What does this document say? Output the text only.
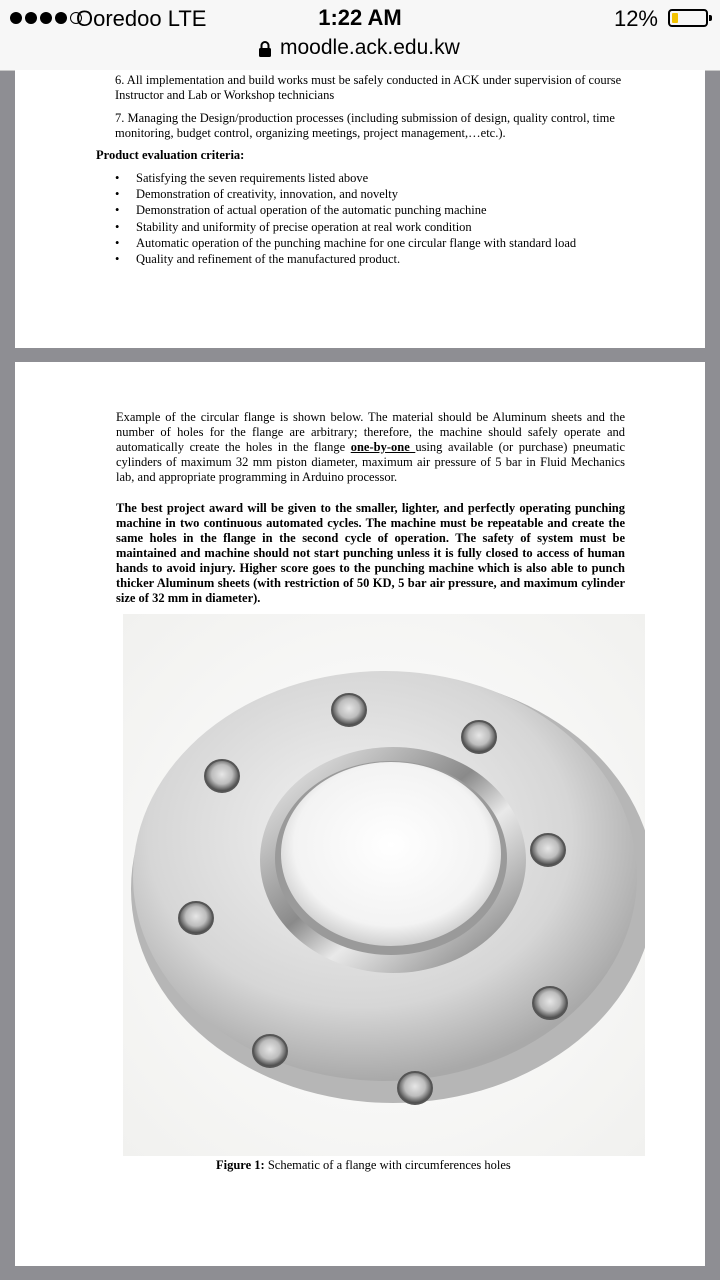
Ooredoo LTE	1:22 AM	12%
moodle.ack.edu.kw

6. All implementation and build works must be safely conducted in ACK under supervision of course Instructor and Lab or Workshop technicians

7. Managing the Design/production processes (including submission of design, quality control, time monitoring, budget control, organizing meetings, project management,…etc.).

Product evaluation criteria:

• Satisfying the seven requirements listed above
• Demonstration of creativity, innovation, and novelty
• Demonstration of actual operation of the automatic punching machine
• Stability and uniformity of precise operation at real work condition
• Automatic operation of the punching machine for one circular flange with standard load
• Quality and refinement of the manufactured product.

Example of the circular flange is shown below. The material should be Aluminum sheets and the number of holes for the flange are arbitrary; therefore, the machine should safely operate and automatically create the holes in the flange one-by-one using available (or purchase) pneumatic cylinders of maximum 32 mm piston diameter, maximum air pressure of 5 bar in Fluid Mechanics lab, and appropriate programming in Arduino processor.

The best project award will be given to the smaller, lighter, and perfectly operating punching machine in two continuous automated cycles. The machine must be repeatable and create the same holes in the flange in the second cycle of operation. The safety of system must be maintained and machine should not start punching unless it is fully closed to access of human hands to avoid injury. Higher score goes to the punching machine which is also able to punch thicker Aluminum sheets (with restriction of 50 KD, 5 bar air pressure, and maximum cylinder size of 32 mm in diameter).

Figure 1: Schematic of a flange with circumferences holes
